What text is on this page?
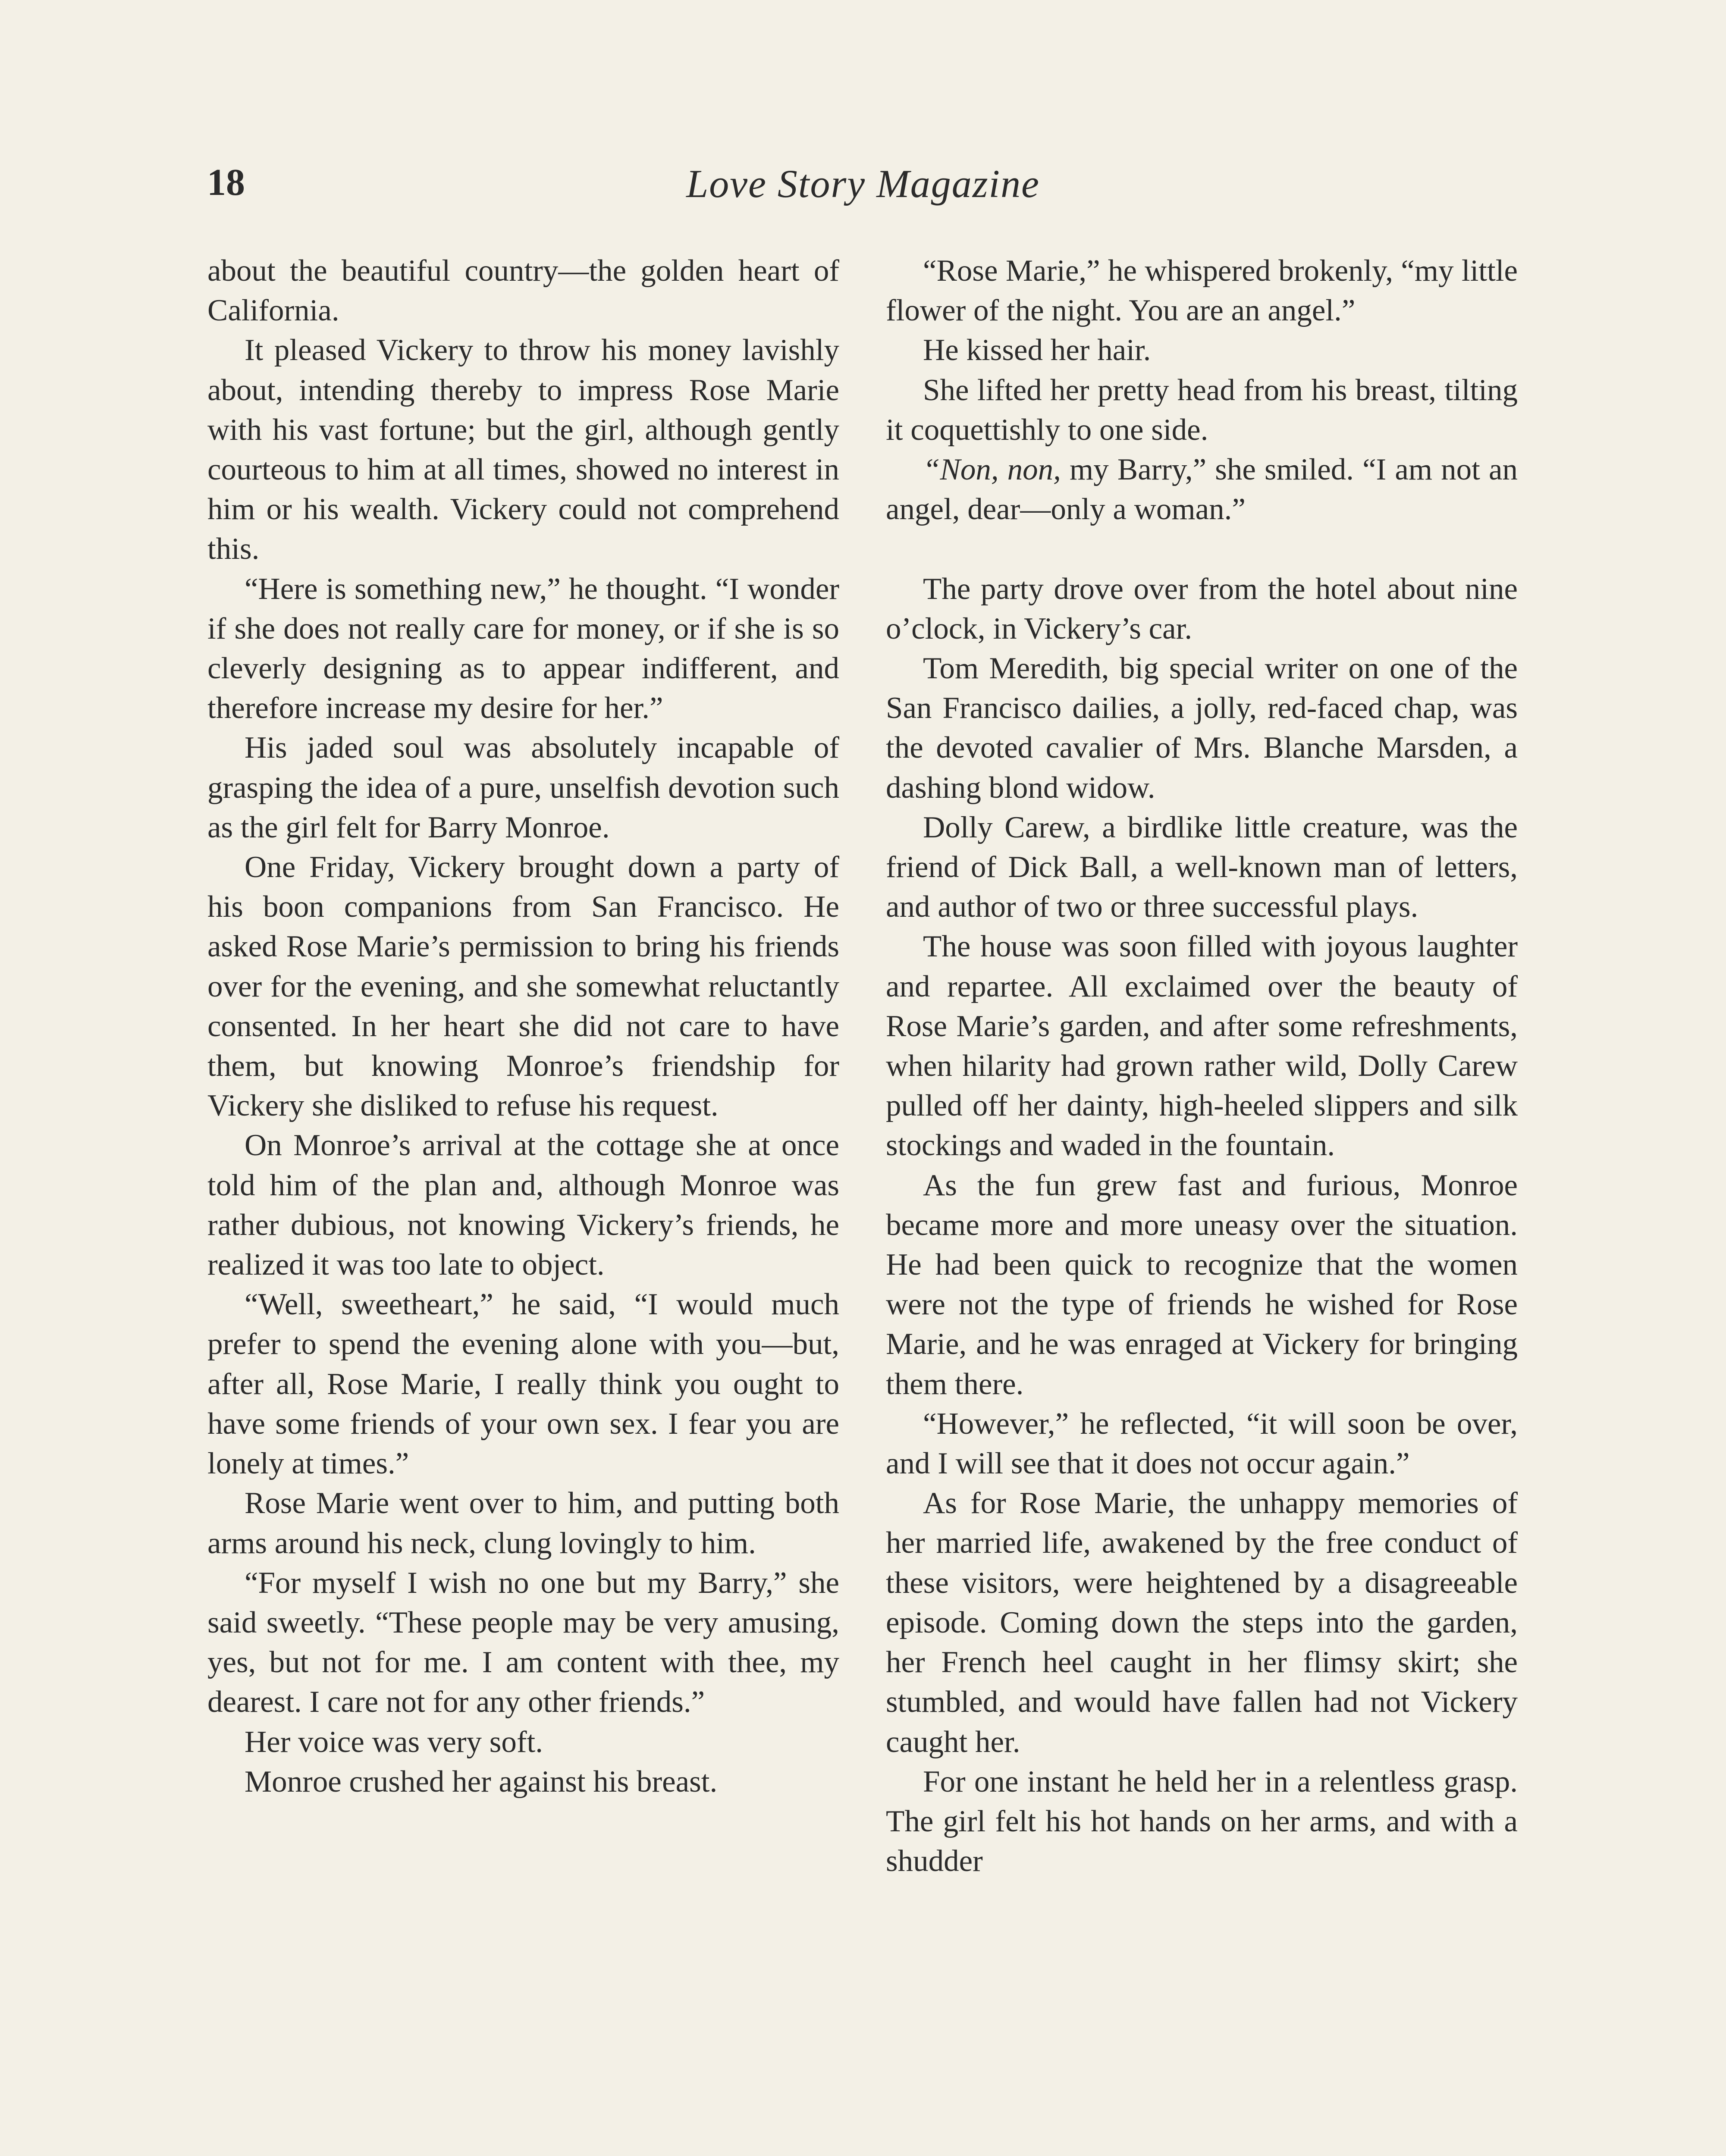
18	Love Story Magazine

about the beautiful country—the golden heart of California.

It pleased Vickery to throw his money lavishly about, intending thereby to impress Rose Marie with his vast fortune; but the girl, although gently courteous to him at all times, showed no interest in him or his wealth. Vickery could not comprehend this.

“Here is something new,” he thought. “I wonder if she does not really care for money, or if she is so cleverly designing as to appear indifferent, and therefore increase my desire for her.”

His jaded soul was absolutely incapable of grasping the idea of a pure, unselfish devotion such as the girl felt for Barry Monroe.

One Friday, Vickery brought down a party of his boon companions from San Francisco. He asked Rose Marie’s permission to bring his friends over for the evening, and she somewhat reluctantly consented. In her heart she did not care to have them, but knowing Monroe’s friendship for Vickery she disliked to refuse his request.

On Monroe’s arrival at the cottage she at once told him of the plan and, although Monroe was rather dubious, not knowing Vickery’s friends, he realized it was too late to object.

“Well, sweetheart,” he said, “I would much prefer to spend the evening alone with you—but, after all, Rose Marie, I really think you ought to have some friends of your own sex. I fear you are lonely at times.”

Rose Marie went over to him, and putting both arms around his neck, clung lovingly to him.

“For myself I wish no one but my Barry,” she said sweetly. “These people may be very amusing, yes, but not for me. I am content with thee, my dearest. I care not for any other friends.”

Her voice was very soft.

Monroe crushed her against his breast.

“Rose Marie,” he whispered brokenly, “my little flower of the night. You are an angel.”

He kissed her hair.

She lifted her pretty head from his breast, tilting it coquettishly to one side.

“Non, non, my Barry,” she smiled. “I am not an angel, dear—only a woman.”

The party drove over from the hotel about nine o’clock, in Vickery’s car.

Tom Meredith, big special writer on one of the San Francisco dailies, a jolly, red-faced chap, was the devoted cavalier of Mrs. Blanche Marsden, a dashing blond widow.

Dolly Carew, a birdlike little creature, was the friend of Dick Ball, a well-known man of letters, and author of two or three successful plays.

The house was soon filled with joyous laughter and repartee. All exclaimed over the beauty of Rose Marie’s garden, and after some refreshments, when hilarity had grown rather wild, Dolly Carew pulled off her dainty, high-heeled slippers and silk stockings and waded in the fountain.

As the fun grew fast and furious, Monroe became more and more uneasy over the situation. He had been quick to recognize that the women were not the type of friends he wished for Rose Marie, and he was enraged at Vickery for bringing them there.

“However,” he reflected, “it will soon be over, and I will see that it does not occur again.”

As for Rose Marie, the unhappy memories of her married life, awakened by the free conduct of these visitors, were heightened by a disagreeable episode. Coming down the steps into the garden, her French heel caught in her flimsy skirt; she stumbled, and would have fallen had not Vickery caught her.

For one instant he held her in a relentless grasp. The girl felt his hot hands on her arms, and with a shudder
